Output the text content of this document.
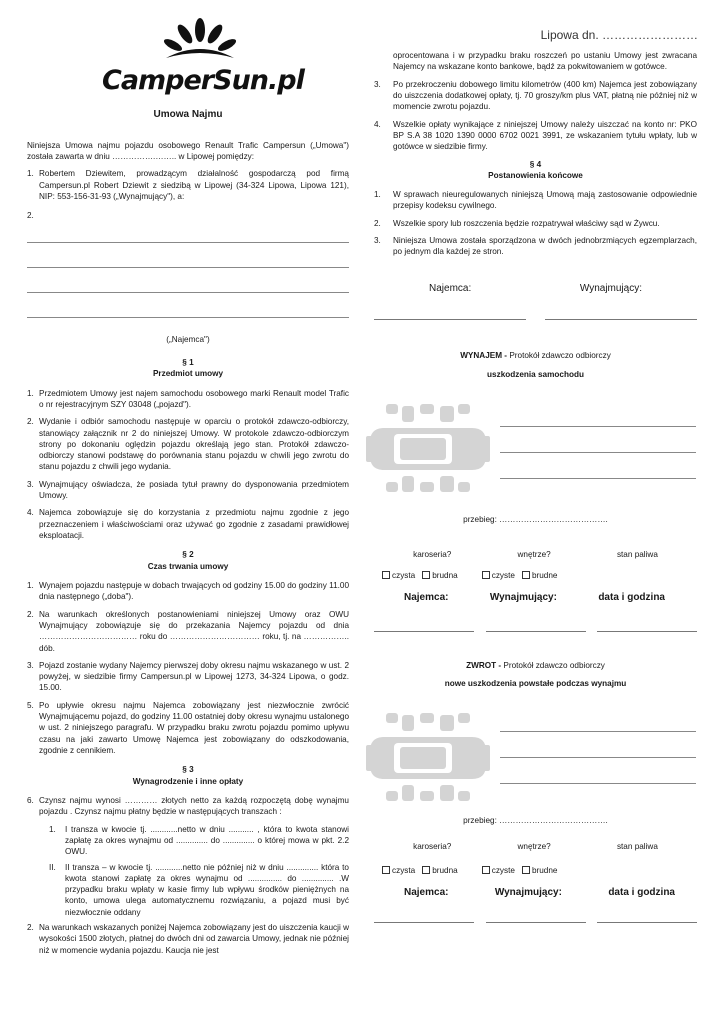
CamperSun.pl
Lipowa dn. ……………………
Umowa Najmu
Niniejsza Umowa najmu pojazdu osobowego Renault Trafic Campersun („Umowa") została zawarta w dniu …………….…….. w Lipowej pomiędzy:
1. Robertem Dziewitem, prowadzącym działalność gospodarczą pod firmą Campersun.pl Robert Dziewit z siedzibą w Lipowej (34-324 Lipowa, Lipowa 121), NIP: 553-156-31-93 („Wynajmujący"), a:
2.
(„Najemca")
§ 1
Przedmiot umowy
1. Przedmiotem Umowy jest najem samochodu osobowego marki Renault model Trafic o nr rejestracyjnym SZY 03048 („pojazd").
2. Wydanie i odbiór samochodu następuje w oparciu o protokół zdawczo-odbiorczy, stanowiący załącznik nr 2 do niniejszej Umowy. W protokole zdawczo-odbiorczym strony po dokonaniu oględzin pojazdu określają jego stan. Protokół zdawczo-odbiorczy stanowi podstawę do porównania stanu pojazdu w chwili jego zwrotu do stanu pojazdu z chwili jego wydania.
3. Wynajmujący oświadcza, że posiada tytuł prawny do dysponowania przedmiotem Umowy.
4. Najemca zobowiązuje się do korzystania z przedmiotu najmu zgodnie z jego przeznaczeniem i właściwościami oraz używać go zgodnie z zasadami prawidłowej eksploatacji.
§ 2
Czas trwania umowy
1. Wynajem pojazdu następuje w dobach trwających od godziny 15.00 do godziny 11.00 dnia następnego („doba").
2. Na warunkach określonych postanowieniami niniejszej Umowy oraz OWU Wynajmujący zobowiązuje się do przekazania Najemcy pojazdu od dnia ……………………………… roku do …………………………… roku, tj. na …………….. dób.
3. Pojazd zostanie wydany Najemcy pierwszej doby okresu najmu wskazanego w ust. 2 powyżej, w siedzibie firmy Campersun.pl w Lipowej 1273, 34-324 Lipowa, o godz. 15.00.
5. Po upływie okresu najmu Najemca zobowiązany jest niezwłocznie zwrócić Wynajmującemu pojazd, do godziny 11.00 ostatniej doby okresu wynajmu ustalonego w ust. 2 niniejszego paragrafu. W przypadku braku zwrotu pojazdu pomimo upływu czasu na jaki zawarto Umowę Najemca jest zobowiązany do odszkodowania, zgodnie z cennikiem.
§ 3
Wynagrodzenie i inne opłaty
6. Czynsz najmu wynosi ………… złotych netto za każdą rozpoczętą dobę wynajmu pojazdu . Czynsz najmu płatny będzie w następujących transzach :
1.	I transza w kwocie tj. ............netto w dniu ........... , która to kwota stanowi zapłatę za okres wynajmu od .............. do .............. o której mowa w pkt. 2.2 OWU.
II.	II transza – w kwocie tj. ............netto nie później niż w dniu .............. która to kwota stanowi zapłatę za okres wynajmu od ............... do .............. .W przypadku braku wpłaty w kasie firmy lub wpływu środków pieniężnych na konto, umowa ulega automatycznemu rozwiązaniu, a pojazd musi być niezwłocznie oddany
2. Na warunkach wskazanych poniżej Najemca zobowiązany jest do uiszczenia kaucji w wysokości 1500 złotych, płatnej do dwóch dni od zawarcia Umowy, jednak nie później niż w momencie wydania pojazdu. Kaucja nie jest
oprocentowana i w przypadku braku roszczeń po ustaniu Umowy jest zwracana Najemcy na wskazane konto bankowe, bądź za pokwitowaniem w gotówce.
3.	Po przekroczeniu dobowego limitu kilometrów (400 km) Najemca jest zobowiązany do uiszczenia dodatkowej opłaty, tj. 70 groszy/km plus VAT, płatną nie później niż w momencie zwrotu pojazdu.
4.	Wszelkie opłaty wynikające z niniejszej Umowy należy uiszczać na konto nr: PKO BP S.A 38 1020 1390 0000 6702 0021 3991, ze wskazaniem tytułu wpłaty, lub w gotówce w siedzibie firmy.
§ 4
Postanowienia końcowe
1.	W sprawach nieuregulowanych niniejszą Umową mają zastosowanie odpowiednie przepisy kodeksu cywilnego.
2.	Wszelkie spory lub roszczenia będzie rozpatrywał właściwy sąd w Żywcu.
3.	Niniejsza Umowa została sporządzona w dwóch jednobrzmiących egzemplarzach, po jednym dla każdej ze stron.
Najemca:	Wynajmujący:
WYNAJEM - Protokół zdawczo odbiorczy
uszkodzenia samochodu
przebieg: ………………………………….
karoseria?	wnętrze?	stan paliwa
czysta	brudna	czyste	brudne
Najemca:	Wynajmujący:	data i godzina
ZWROT - Protokół zdawczo odbiorczy
nowe uszkodzenia powstałe podczas wynajmu
przebieg: ………………………………….
karoseria?	wnętrze?	stan paliwa
czysta	brudna	czyste	brudne
Najemca:	Wynajmujący:	data i godzina
